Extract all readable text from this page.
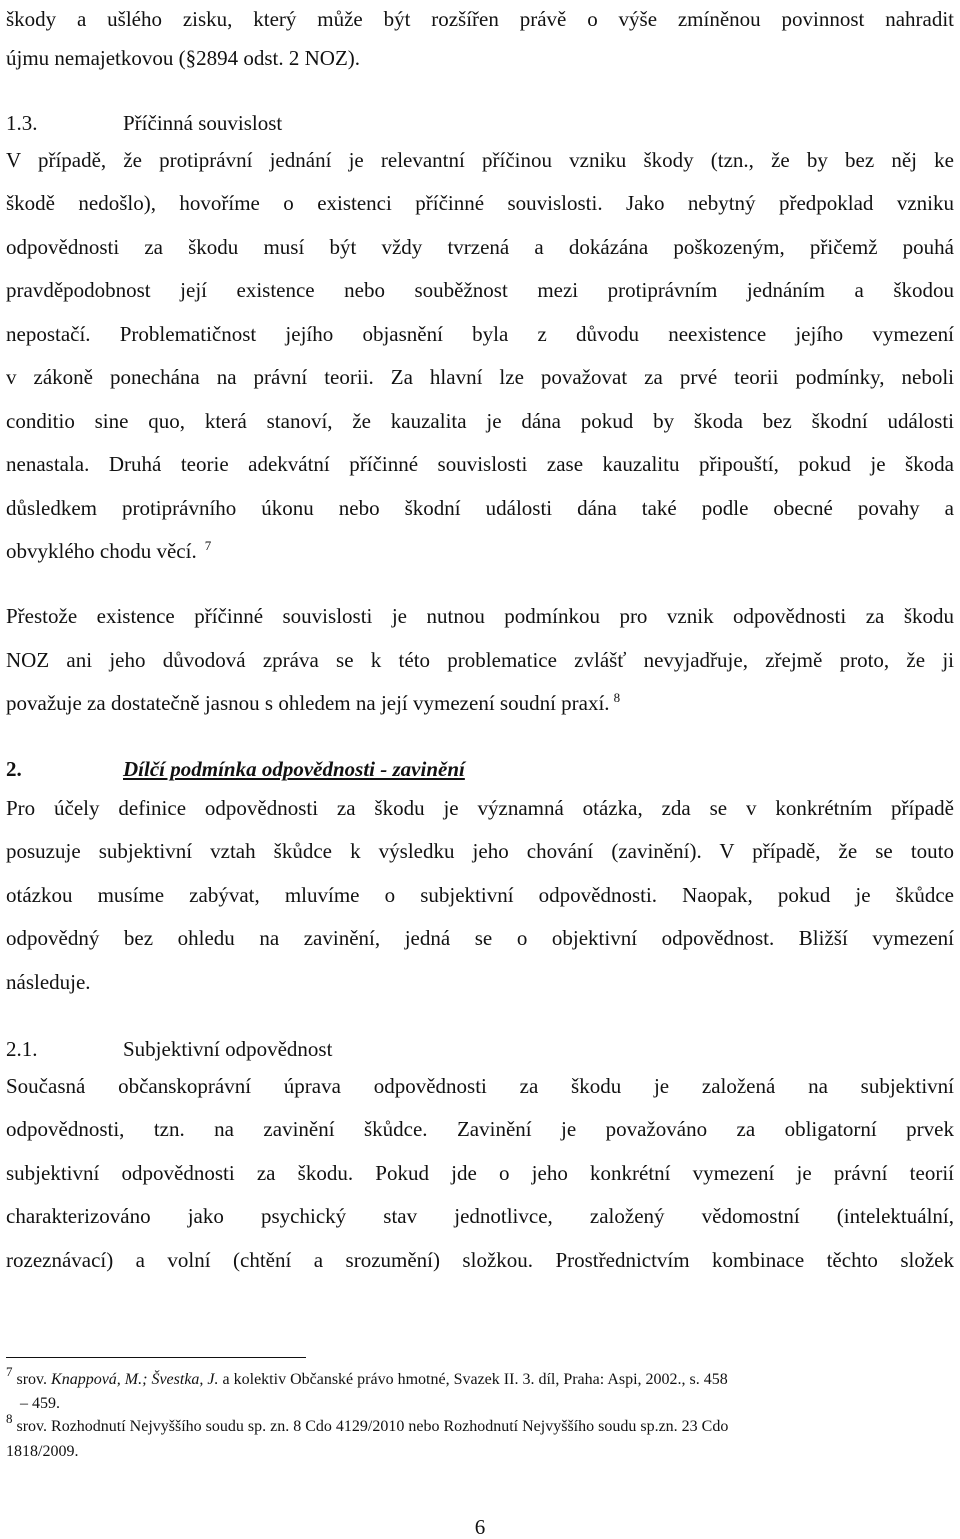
škody a ušlého zisku, který může být rozšířen právě o výše zmíněnou povinnost nahradit
újmu nemajetkovou (§2894 odst. 2 NOZ).
1.3.	Příčinná souvislost
V případě, že protiprávní jednání je relevantní příčinou vzniku škody (tzn., že by bez něj ke
škodě nedošlo), hovoříme o existenci příčinné souvislosti. Jako nebytný předpoklad vzniku
odpovědnosti za škodu musí být vždy tvrzená a dokázána poškozeným, přičemž pouhá
pravděpodobnost její existence nebo souběžnost mezi protiprávním jednáním a škodou
nepostačí. Problematičnost jejího objasnění byla z důvodu neexistence jejího vymezení
v zákoně ponechána na právní teorii. Za hlavní lze považovat za prvé teorii podmínky, neboli
conditio sine quo, která stanoví, že kauzalita je dána pokud by škoda bez škodní události
nenastala. Druhá teorie adekvátní příčinné souvislosti zase kauzalitu připouští, pokud je škoda
důsledkem protiprávního úkonu nebo škodní události dána také podle obecné povahy a
obvyklého chodu věcí. $^7$
Přestože existence příčinné souvislosti je nutnou podmínkou pro vznik odpovědnosti za škodu
NOZ ani jeho důvodová zpráva se k této problematice zvlášť nevyjadřuje, zřejmě proto, že ji
považuje za dostatečně jasnou s ohledem na její vymezení soudní praxí. $^8$
2.	Dílčí podmínka odpovědnosti - zavinění
Pro účely definice odpovědnosti za škodu je významná otázka, zda se v konkrétním případě
posuzuje subjektivní vztah škůdce k výsledku jeho chování (zavinění). V případě, že se touto
otázkou musíme zabývat, mluvíme o subjektivní odpovědnosti. Naopak, pokud je škůdce
odpovědný bez ohledu na zavinění, jedná se o objektivní odpovědnost. Bližší vymezení
následuje.
2.1.	Subjektivní odpovědnost
Současná občanskoprávní úprava odpovědnosti za škodu je založená na subjektivní
odpovědnosti, tzn. na zavinění škůdce. Zavinění je považováno za obligatorní prvek
subjektivní odpovědnosti za škodu. Pokud jde o jeho konkrétní vymezení je právní teorií
charakterizováno jako psychický stav jednotlivce, založený vědomostní (intelektuální,
rozeznávací) a volní (chtění a srozumění) složkou. Prostřednictvím kombinace těchto složek
$^7$ srov. Knappová, M.; Švestka, J. a kolektiv Občanské právo hmotné, Svazek II. 3. díl, Praha: Aspi, 2002., s. 458
– 459.
$^8$ srov. Rozhodnutí Nejvyššího soudu sp. zn. 8 Cdo 4129/2010 nebo Rozhodnutí Nejvyššího soudu sp.zn. 23 Cdo
1818/2009.
6
